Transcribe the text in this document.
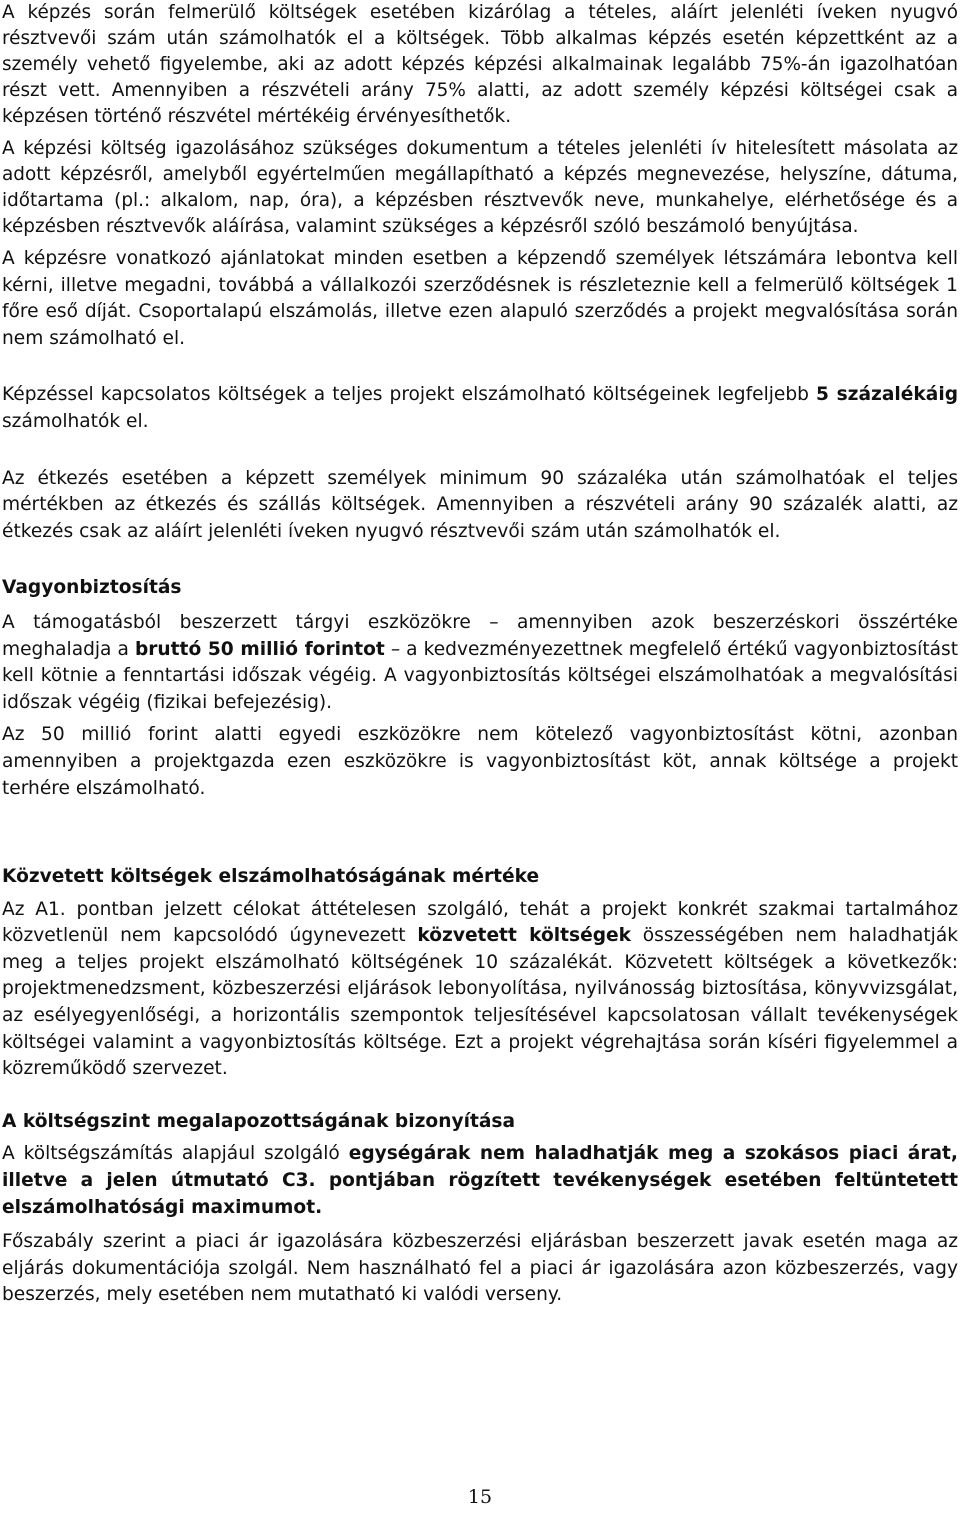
A képzés során felmerülő költségek esetében kizárólag a tételes, aláírt jelenléti íveken nyugvó résztvevői szám után számolhatók el a költségek. Több alkalmas képzés esetén képzettként az a személy vehető figyelembe, aki az adott képzés képzési alkalmainak legalább 75%-án igazolhatóan részt vett. Amennyiben a részvételi arány 75% alatti, az adott személy képzési költségei csak a képzésen történő részvétel mértékéig érvényesíthetők.

A képzési költség igazolásához szükséges dokumentum a tételes jelenléti ív hitelesített másolata az adott képzésről, amelyből egyértelműen megállapítható a képzés megnevezése, helyszíne, dátuma, időtartama (pl.: alkalom, nap, óra), a képzésben résztvevők neve, munkahelye, elérhetősége és a képzésben résztvevők aláírása, valamint szükséges a képzésről szóló beszámoló benyújtása.

A képzésre vonatkozó ajánlatokat minden esetben a képzendő személyek létszámára lebontva kell kérni, illetve megadni, továbbá a vállalkozói szerződésnek is részleteznie kell a felmerülő költségek 1 főre eső díját. Csoportalapú elszámolás, illetve ezen alapuló szerződés a projekt megvalósítása során nem számolható el.

Képzéssel kapcsolatos költségek a teljes projekt elszámolható költségeinek legfeljebb 5 százalékáig számolhatók el.

Az étkezés esetében a képzett személyek minimum 90 százaléka után számolhatóak el teljes mértékben az étkezés és szállás költségek. Amennyiben a részvételi arány 90 százalék alatti, az étkezés csak az aláírt jelenléti íveken nyugvó résztvevői szám után számolhatók el.

Vagyonbiztosítás

A támogatásból beszerzett tárgyi eszközökre – amennyiben azok beszerzéskori összértéke meghaladja a bruttó 50 millió forintot – a kedvezményezettnek megfelelő értékű vagyonbiztosítást kell kötnie a fenntartási időszak végéig. A vagyonbiztosítás költségei elszámolhatóak a megvalósítási időszak végéig (fizikai befejezésig).

Az 50 millió forint alatti egyedi eszközökre nem kötelező vagyonbiztosítást kötni, azonban amennyiben a projektgazda ezen eszközökre is vagyonbiztosítást köt, annak költsége a projekt terhére elszámolható.

Közvetett költségek elszámolhatóságának mértéke

Az A1. pontban jelzett célokat áttételesen szolgáló, tehát a projekt konkrét szakmai tartalmához közvetlenül nem kapcsolódó úgynevezett közvetett költségek összességében nem haladhatják meg a teljes projekt elszámolható költségének 10 százalékát. Közvetett költségek a következők: projektmenedzsment, közbeszerzési eljárások lebonyolítása, nyilvánosság biztosítása, könyvvizsgálat, az esélyegyenlőségi, a horizontális szempontok teljesítésével kapcsolatosan vállalt tevékenységek költségei valamint a vagyonbiztosítás költsége. Ezt a projekt végrehajtása során kíséri figyelemmel a közreműködő szervezet.

A költségszint megalapozottságának bizonyítása

A költségszámítás alapjául szolgáló egységárak nem haladhatják meg a szokásos piaci árat, illetve a jelen útmutató C3. pontjában rögzített tevékenységek esetében feltüntetett elszámolhatósági maximumot.

Főszabály szerint a piaci ár igazolására közbeszerzési eljárásban beszerzett javak esetén maga az eljárás dokumentációja szolgál. Nem használható fel a piaci ár igazolására azon közbeszerzés, vagy beszerzés, mely esetében nem mutatható ki valódi verseny.

15
